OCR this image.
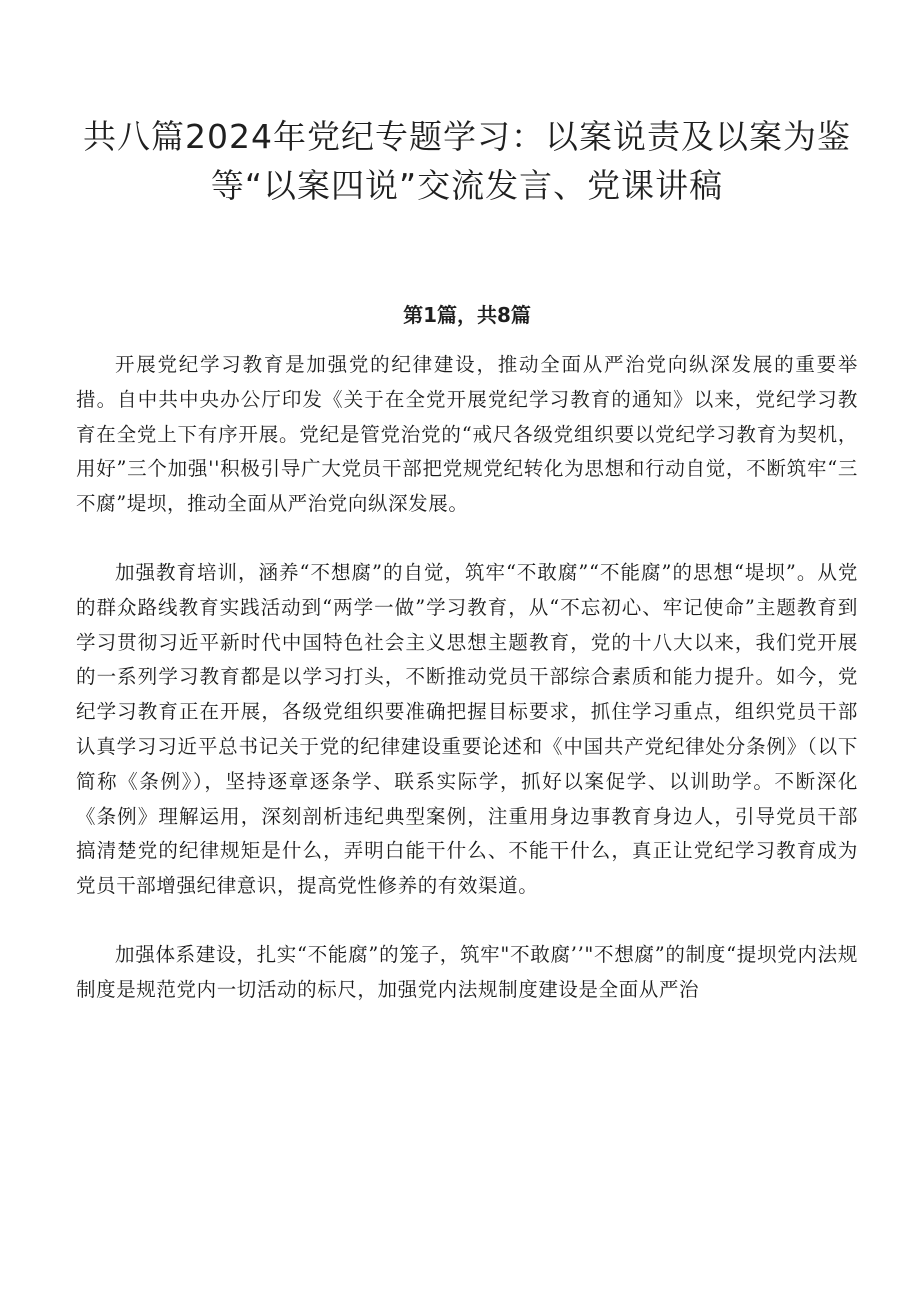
共八篇2024年党纪专题学习：以案说责及以案为鉴
等“以案四说”交流发言、党课讲稿
第1篇，共8篇

开展党纪学习教育是加强党的纪律建设，推动全面从严治党向纵深发展的重要举措。自中共中央办公厅印发《关于在全党开展党纪学习教育的通知》以来，党纪学习教育在全党上下有序开展。党纪是管党治党的“戒尺各级党组织要以党纪学习教育为契机，用好”三个加强''积极引导广大党员干部把党规党纪转化为思想和行动自觉，不断筑牢“三不腐”堤坝，推动全面从严治党向纵深发展。

加强教育培训，涵养“不想腐”的自觉，筑牢“不敢腐”“不能腐”的思想“堤坝”。从党的群众路线教育实践活动到“两学一做”学习教育，从“不忘初心、牢记使命”主题教育到学习贯彻习近平新时代中国特色社会主义思想主题教育，党的十八大以来，我们党开展的一系列学习教育都是以学习打头，不断推动党员干部综合素质和能力提升。如今，党纪学习教育正在开展，各级党组织要准确把握目标要求，抓住学习重点，组织党员干部认真学习习近平总书记关于党的纪律建设重要论述和《中国共产党纪律处分条例》（以下简称《条例》），坚持逐章逐条学、联系实际学，抓好以案促学、以训助学。不断深化《条例》理解运用，深刻剖析违纪典型案例，注重用身边事教育身边人，引导党员干部搞清楚党的纪律规矩是什么，弄明白能干什么、不能干什么，真正让党纪学习教育成为党员干部增强纪律意识，提高党性修养的有效渠道。

加强体系建设，扎实“不能腐”的笼子，筑牢"不敢腐’’"不想腐”的制度“提坝党内法规制度是规范党内一切活动的标尺，加强党内法规制度建设是全面从严治
